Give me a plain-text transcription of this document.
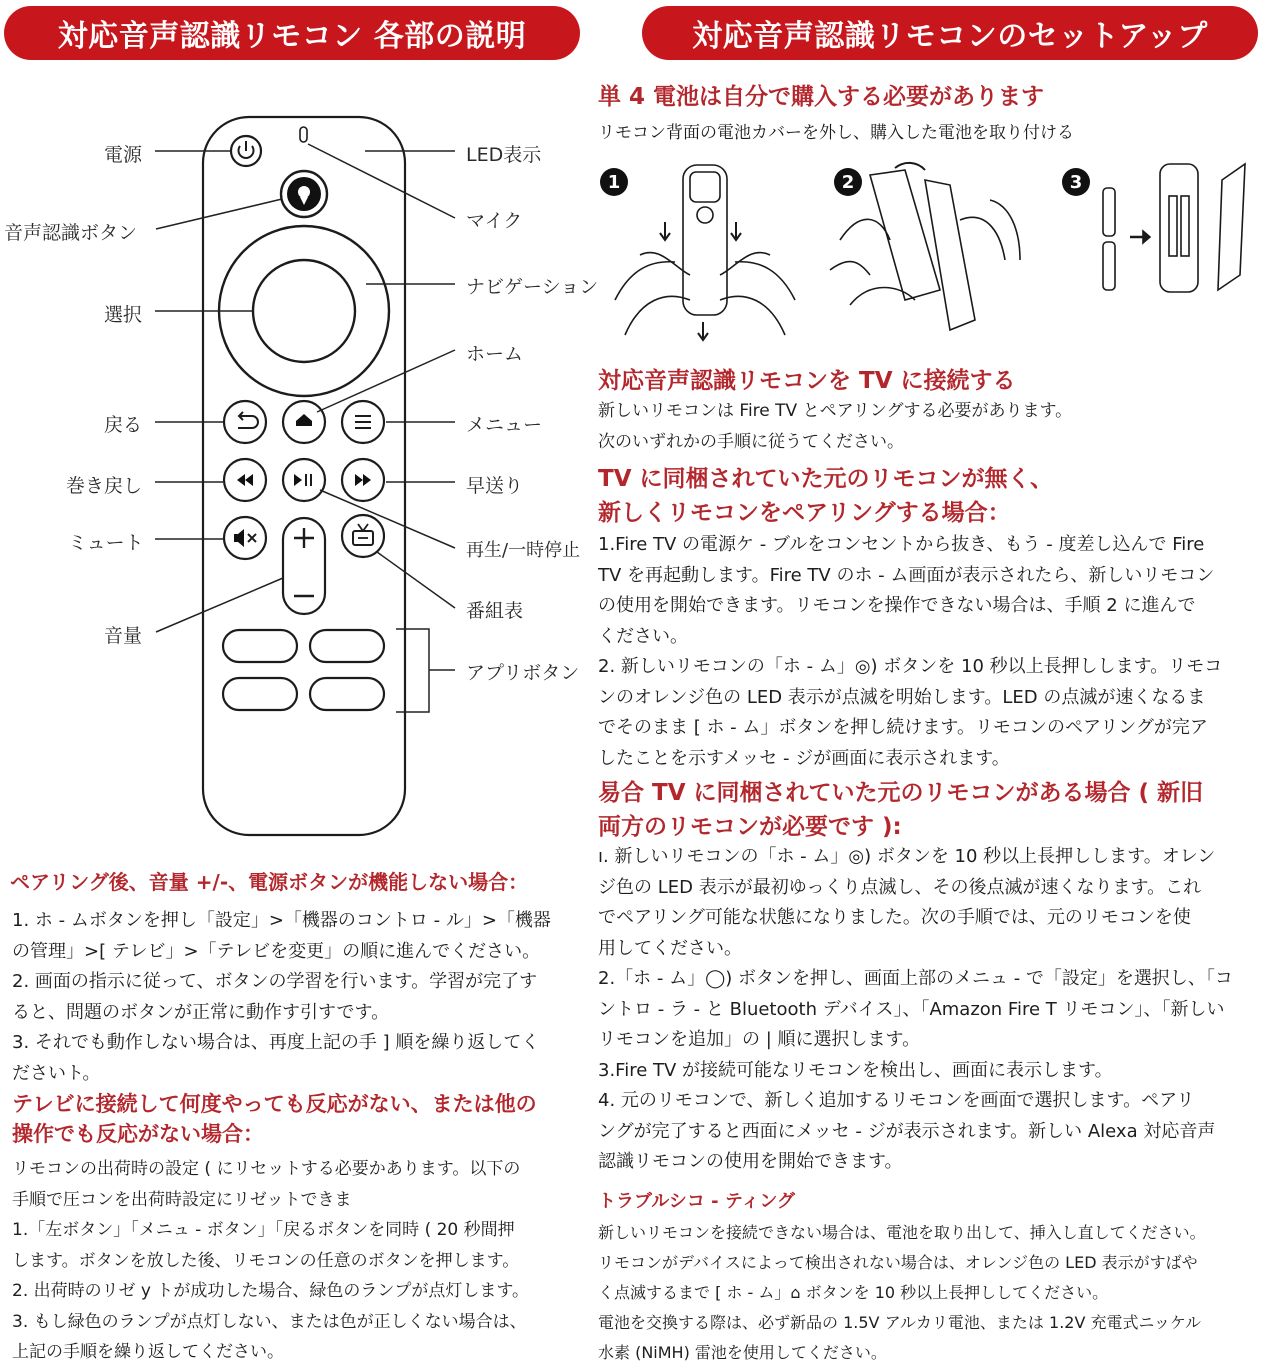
対応音声認識リモコン 各部の説明	対応音声認識リモコンのセットアップ
電源
音声認識ボタン
選択
戻る
巻き戻し
ミュート
音量
LED表示
マイク
ナビゲーション
ホーム
メニュー
早送り
再生/一時停止
番組表
アプリボタン
単 4 電池は自分で購入する必要があります
リモコン背面の電池カバーを外し、購入した電池を取り付ける
1	2	3
対応音声認識リモコンを TV に接続する

新しいリモコンは Fire TV とペアリングする必要があります。

次のいずれかの手順に従うてください。

TV に同梱されていた元のリモコンが無く、
新しくリモコンをペアリングする場合：

1.Fire TV の電源ケ - ブルをコンセントから抜き、もう - 度差し込んで Fire

TV を再起動します。Fire TV のホ - ム画面が表示されたら、新しいリモコン

の使用を開始できます。リモコンを操作できない場合は、手順 2 に進んで

ください。

2. 新しいリモコンの「ホ - ム」◎) ボタンを 10 秒以上長押しします。リモコ

ンのオレンジ色の LED 表示が点滅を明始します。LED の点滅が速くなるま

でそのまま [ ホ - ム」ボタンを押し続けます。リモコンのペアリングが完ア

したことを示すメッセ - ジが画面に表示されます。

易合 TV に同梱されていた元のリモコンがある場合 ( 新旧
両方のリモコンが必要です ):

ı. 新しいリモコンの「ホ - ム」◎) ボタンを 10 秒以上長押しします。オレン

ジ色の LED 表示が最初ゆっくり点滅し、その後点滅が速くなります。これ

でペアリング可能な状態になりました。次の手順では、元のリモコンを使

用してください。

2.「ホ - ム」◯) ボタンを押し、画面上部のメニュ - で「設定」を選択し、「コ

ントロ - ラ - と Bluetooth デバイス」、「Amazon Fire T リモコン」、「新しい

リモコンを追加」の | 順に選択します。

3.Fire TV が接続可能なリモコンを検出し、画面に表示します。

4. 元のリモコンで、新しく追加するリモコンを画面で選択します。ペアリ

ングが完了すると西面にメッセ - ジが表示されます。新しい Alexa 対応音声

認識リモコンの使用を開始できます。

トラブルシコ - ティング

新しいリモコンを接続できない場合は、電池を取り出して、挿入し直してください。

リモコンがデバイスによって検出されない場合は、オレンジ色の LED 表示がすばや

く点滅するまで [ ホ - ム」⌂ ボタンを 10 秒以上長押ししてください。

電池を交換する際は、必ず新品の 1.5V アルカリ電池、または 1.2V 充電式ニッケル

水素 (NiMH) 雷池を使用してください。

ペアリング後、音量 +/-、電源ボタンが機能しない場合：

1. ホ - ムボタンを押し「設定」>「機器のコントロ - ル」>「機器

の管理」>[ テレビ」>「テレビを変更」の順に進んでください。

2. 画面の指示に従って、ボタンの学習を行います。学習が完了す

ると、問題のボタンが正常に動作す引すです。

3. それでも動作しない場合は、再度上記の手 ] 順を繰り返してく

ださいト。

テレビに接続して何度やっても反応がない、または他の
操作でも反応がない場合：

リモコンの出荷時の設定 ( にリセットする必要かあります。以下の

手順で圧コンを出荷時設定にリゼットできま

1.「左ボタン」「メニュ - ボタン」「戻るボタンを同時 ( 20 秒間押

します。ボタンを放した後、リモコンの任意のボタンを押します。

2. 出荷時のリゼ y トが成功した場合、緑色のランプが点灯します。

3. もし緑色のランプが点灯しない、または色が正しくない場合は、

上記の手順を繰り返してください。
